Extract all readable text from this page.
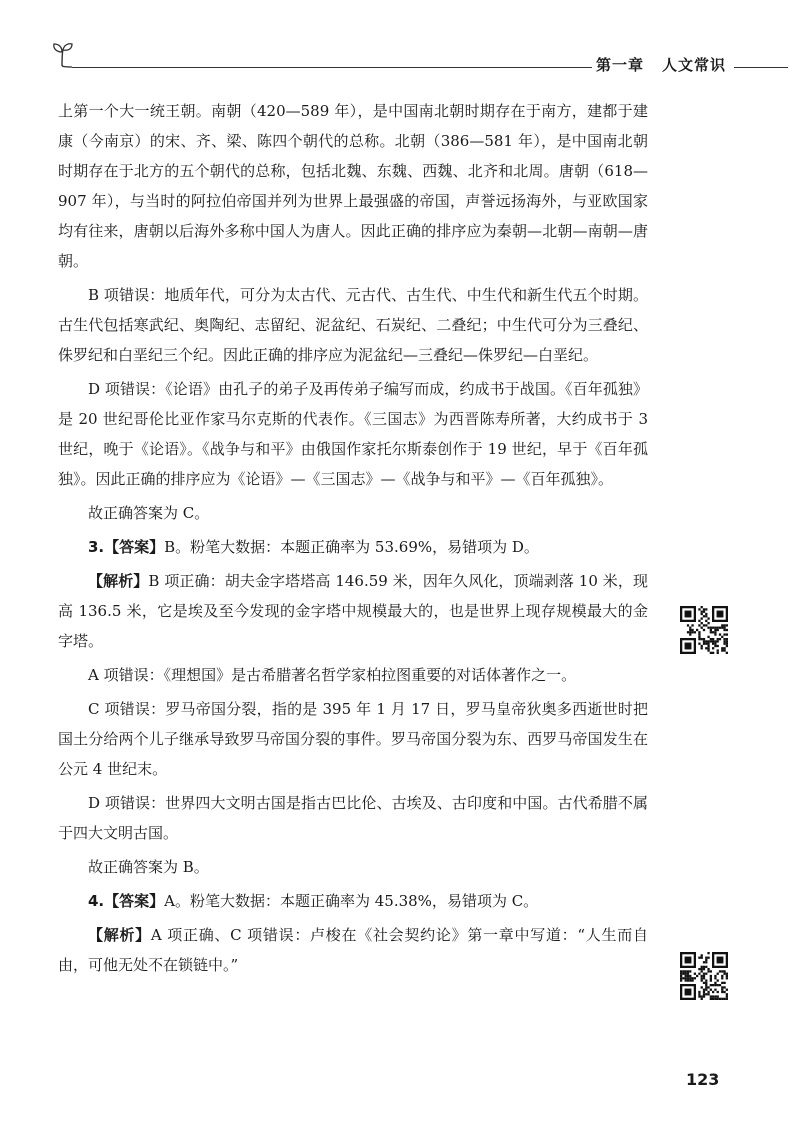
第一章 人文常识

上第一个大一统王朝。南朝（420—589 年），是中国南北朝时期存在于南方，建都于建康（今南京）的宋、齐、梁、陈四个朝代的总称。北朝（386—581 年），是中国南北朝时期存在于北方的五个朝代的总称，包括北魏、东魏、西魏、北齐和北周。唐朝（618—907 年），与当时的阿拉伯帝国并列为世界上最强盛的帝国，声誉远扬海外，与亚欧国家均有往来，唐朝以后海外多称中国人为唐人。因此正确的排序应为秦朝—北朝—南朝—唐朝。

B 项错误：地质年代，可分为太古代、元古代、古生代、中生代和新生代五个时期。古生代包括寒武纪、奥陶纪、志留纪、泥盆纪、石炭纪、二叠纪；中生代可分为三叠纪、侏罗纪和白垩纪三个纪。因此正确的排序应为泥盆纪—三叠纪—侏罗纪—白垩纪。

D 项错误：《论语》由孔子的弟子及再传弟子编写而成，约成书于战国。《百年孤独》是 20 世纪哥伦比亚作家马尔克斯的代表作。《三国志》为西晋陈寿所著，大约成书于 3 世纪，晚于《论语》。《战争与和平》由俄国作家托尔斯泰创作于 19 世纪，早于《百年孤独》。因此正确的排序应为《论语》—《三国志》—《战争与和平》—《百年孤独》。

故正确答案为 C。

3.【答案】B。粉笔大数据：本题正确率为 53.69%，易错项为 D。

【解析】B 项正确：胡夫金字塔塔高 146.59 米，因年久风化，顶端剥落 10 米，现高 136.5 米，它是埃及至今发现的金字塔中规模最大的，也是世界上现存规模最大的金字塔。

A 项错误：《理想国》是古希腊著名哲学家柏拉图重要的对话体著作之一。

C 项错误：罗马帝国分裂，指的是 395 年 1 月 17 日，罗马皇帝狄奥多西逝世时把国土分给两个儿子继承导致罗马帝国分裂的事件。罗马帝国分裂为东、西罗马帝国发生在公元 4 世纪末。

D 项错误：世界四大文明古国是指古巴比伦、古埃及、古印度和中国。古代希腊不属于四大文明古国。

故正确答案为 B。

4.【答案】A。粉笔大数据：本题正确率为 45.38%，易错项为 C。

【解析】A 项正确、C 项错误：卢梭在《社会契约论》第一章中写道：“人生而自由，可他无处不在锁链中。”

123
